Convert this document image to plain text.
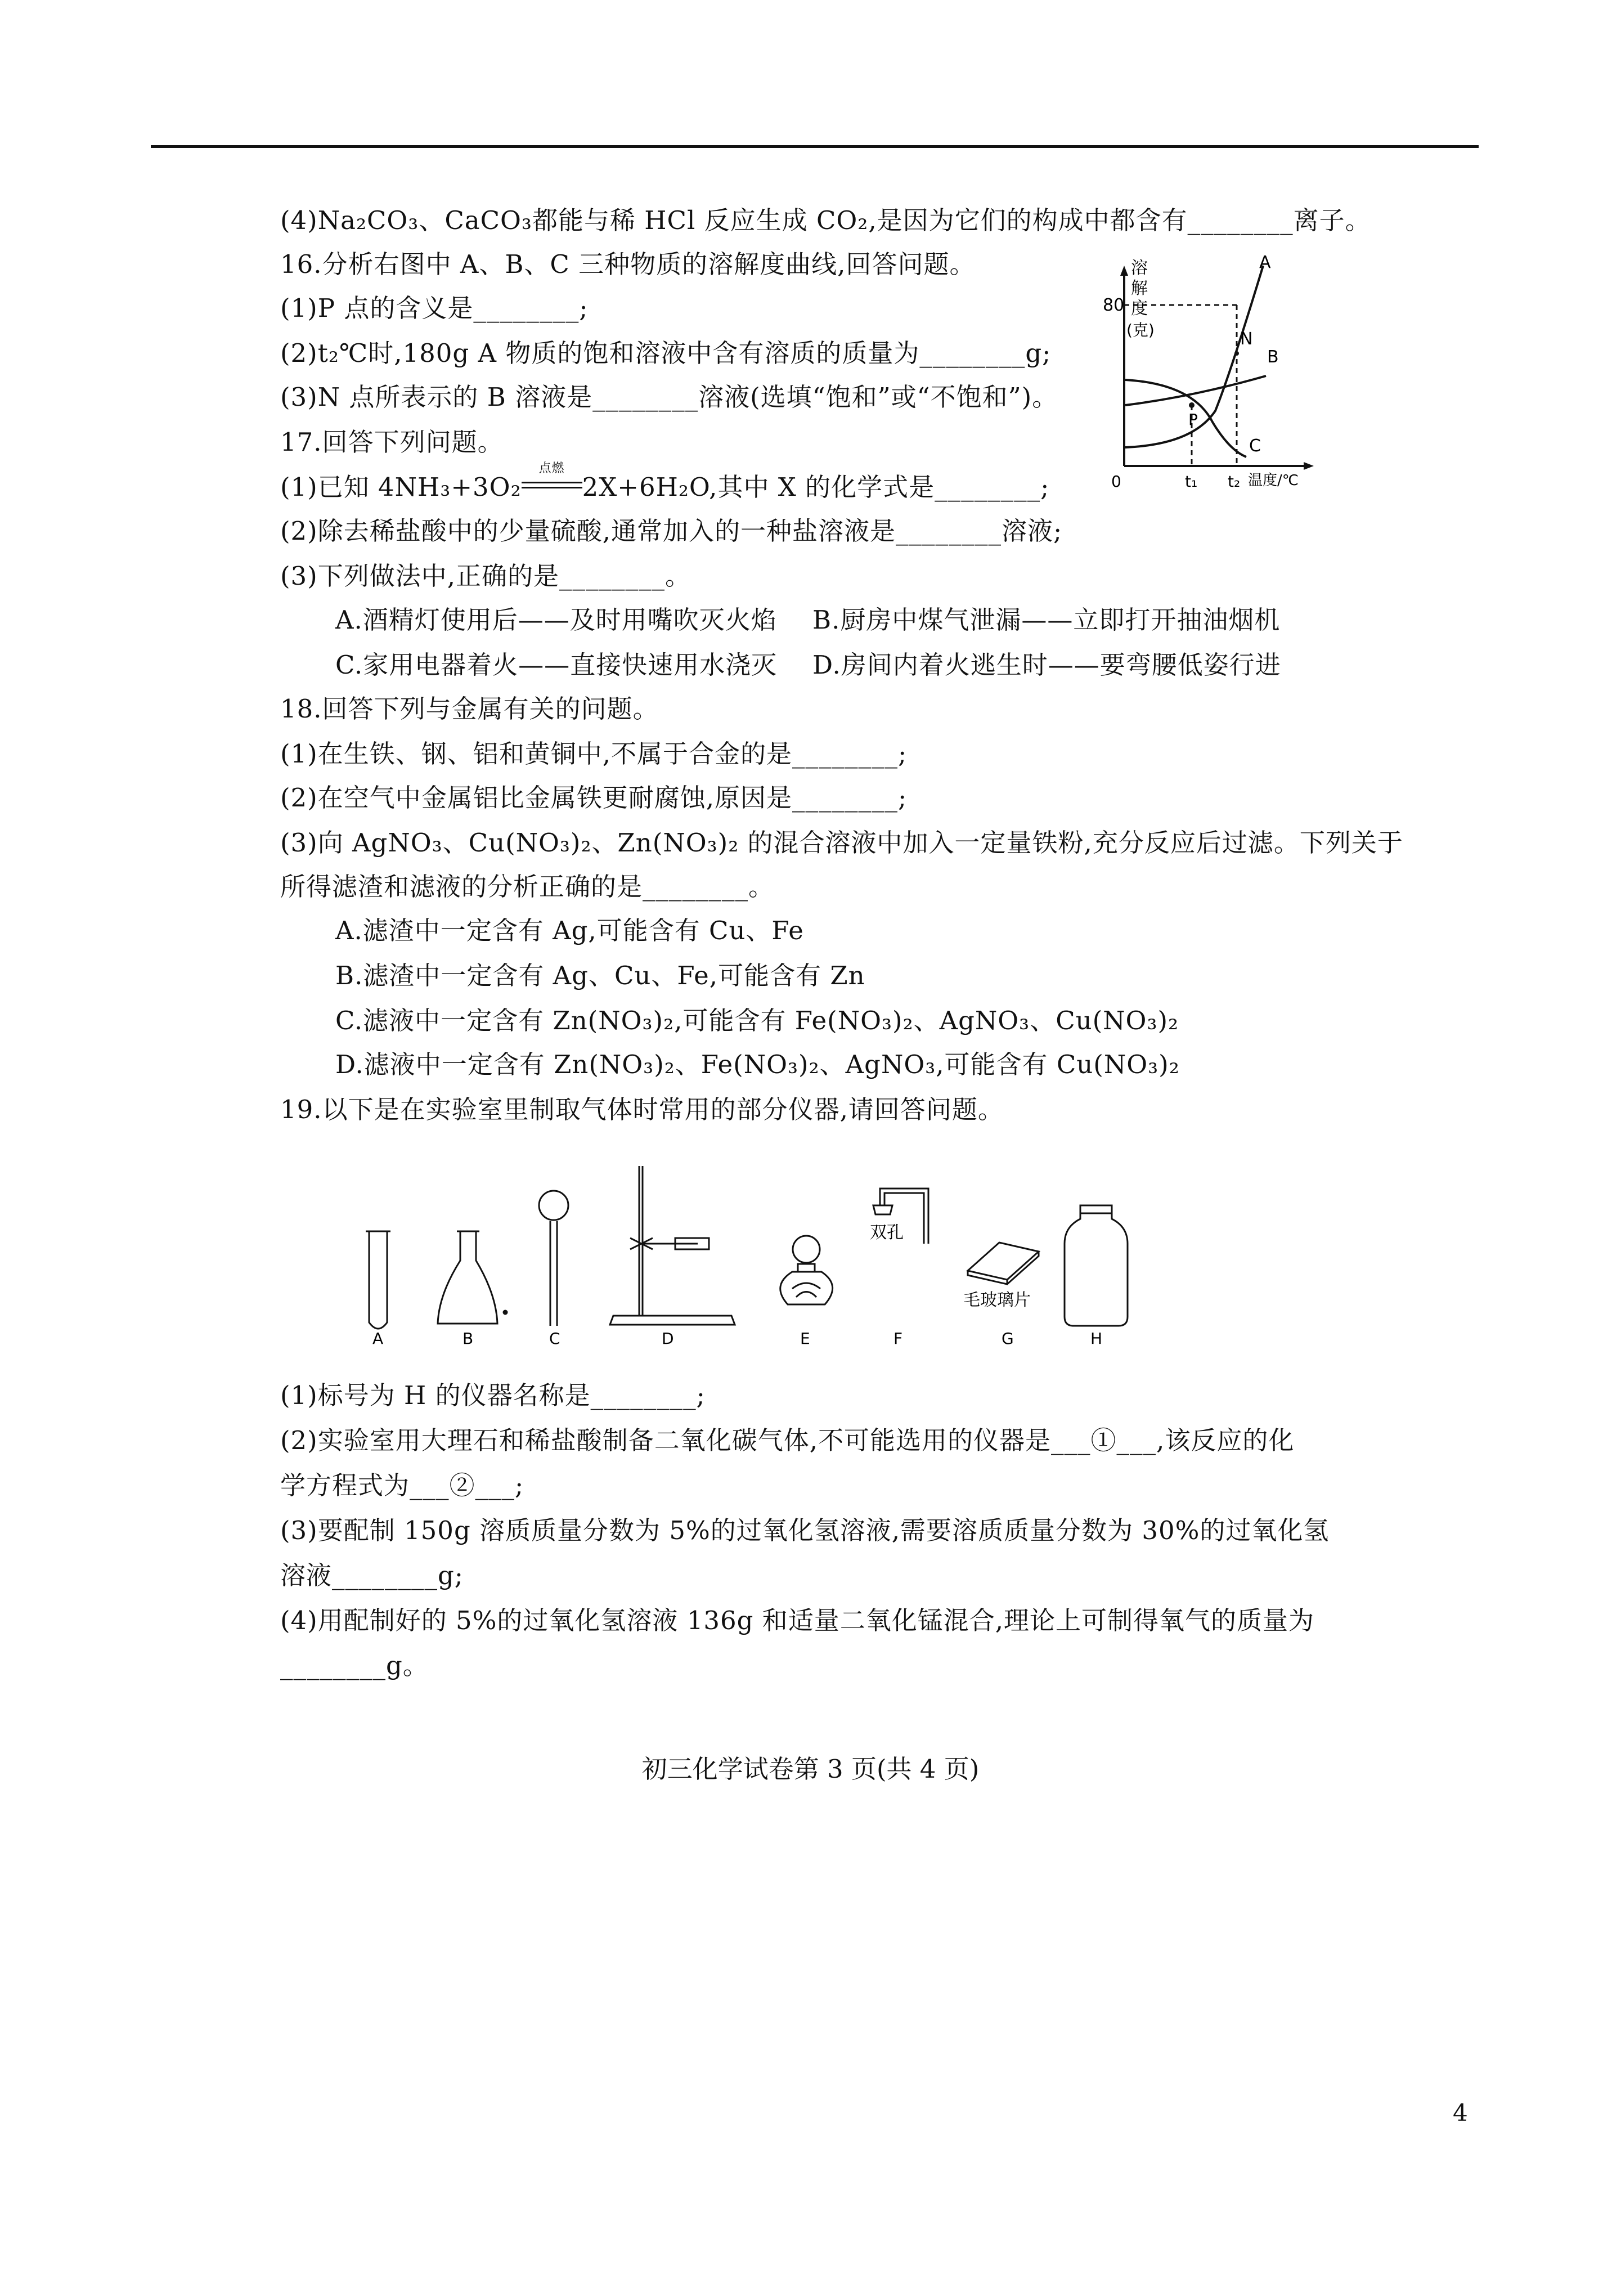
(4)Na₂CO₃、CaCO₃都能与稀 HCl 反应生成 CO₂,是因为它们的构成中都含有________离子。
16.分析右图中 A、B、C 三种物质的溶解度曲线,回答问题。
(1)P 点的含义是________;
(2)t₂℃时,180g A 物质的饱和溶液中含有溶质的质量为________g;
(3)N 点所表示的 B 溶液是________溶液(选填“饱和”或“不饱和”)。
溶
解
度
(克)
80
0	t₁ t₂ 温度/℃
A
B
C
N
P
17.回答下列问题。
(1)已知 4NH₃+3O₂
点燃
2X+6H₂O,其中 X 的化学式是________;
(2)除去稀盐酸中的少量硫酸,通常加入的一种盐溶液是________溶液;
(3)下列做法中,正确的是________。
A.酒精灯使用后——及时用嘴吹灭火焰 B.厨房中煤气泄漏——立即打开抽油烟机
C.家用电器着火——直接快速用水浇灭 D.房间内着火逃生时——要弯腰低姿行进
18.回答下列与金属有关的问题。
(1)在生铁、钢、铝和黄铜中,不属于合金的是________;
(2)在空气中金属铝比金属铁更耐腐蚀,原因是________;
(3)向 AgNO₃、Cu(NO₃)₂、Zn(NO₃)₂ 的混合溶液中加入一定量铁粉,充分反应后过滤。下列关于
所得滤渣和滤液的分析正确的是________。
A.滤渣中一定含有 Ag,可能含有 Cu、Fe
B.滤渣中一定含有 Ag、Cu、Fe,可能含有 Zn
C.滤液中一定含有 Zn(NO₃)₂,可能含有 Fe(NO₃)₂、AgNO₃、Cu(NO₃)₂
D.滤液中一定含有 Zn(NO₃)₂、Fe(NO₃)₂、AgNO₃,可能含有 Cu(NO₃)₂
19.以下是在实验室里制取气体时常用的部分仪器,请回答问题。
双孔
毛玻璃片
A	B	C	D	E	F	G	H
(1)标号为 H 的仪器名称是________;
(2)实验室用大理石和稀盐酸制备二氧化碳气体,不可能选用的仪器是___①___,该反应的化
学方程式为___②___;
(3)要配制 150g 溶质质量分数为 5%的过氧化氢溶液,需要溶质质量分数为 30%的过氧化氢
溶液________g;
(4)用配制好的 5%的过氧化氢溶液 136g 和适量二氧化锰混合,理论上可制得氧气的质量为
________g。
初三化学试卷第 3 页(共 4 页)
4
